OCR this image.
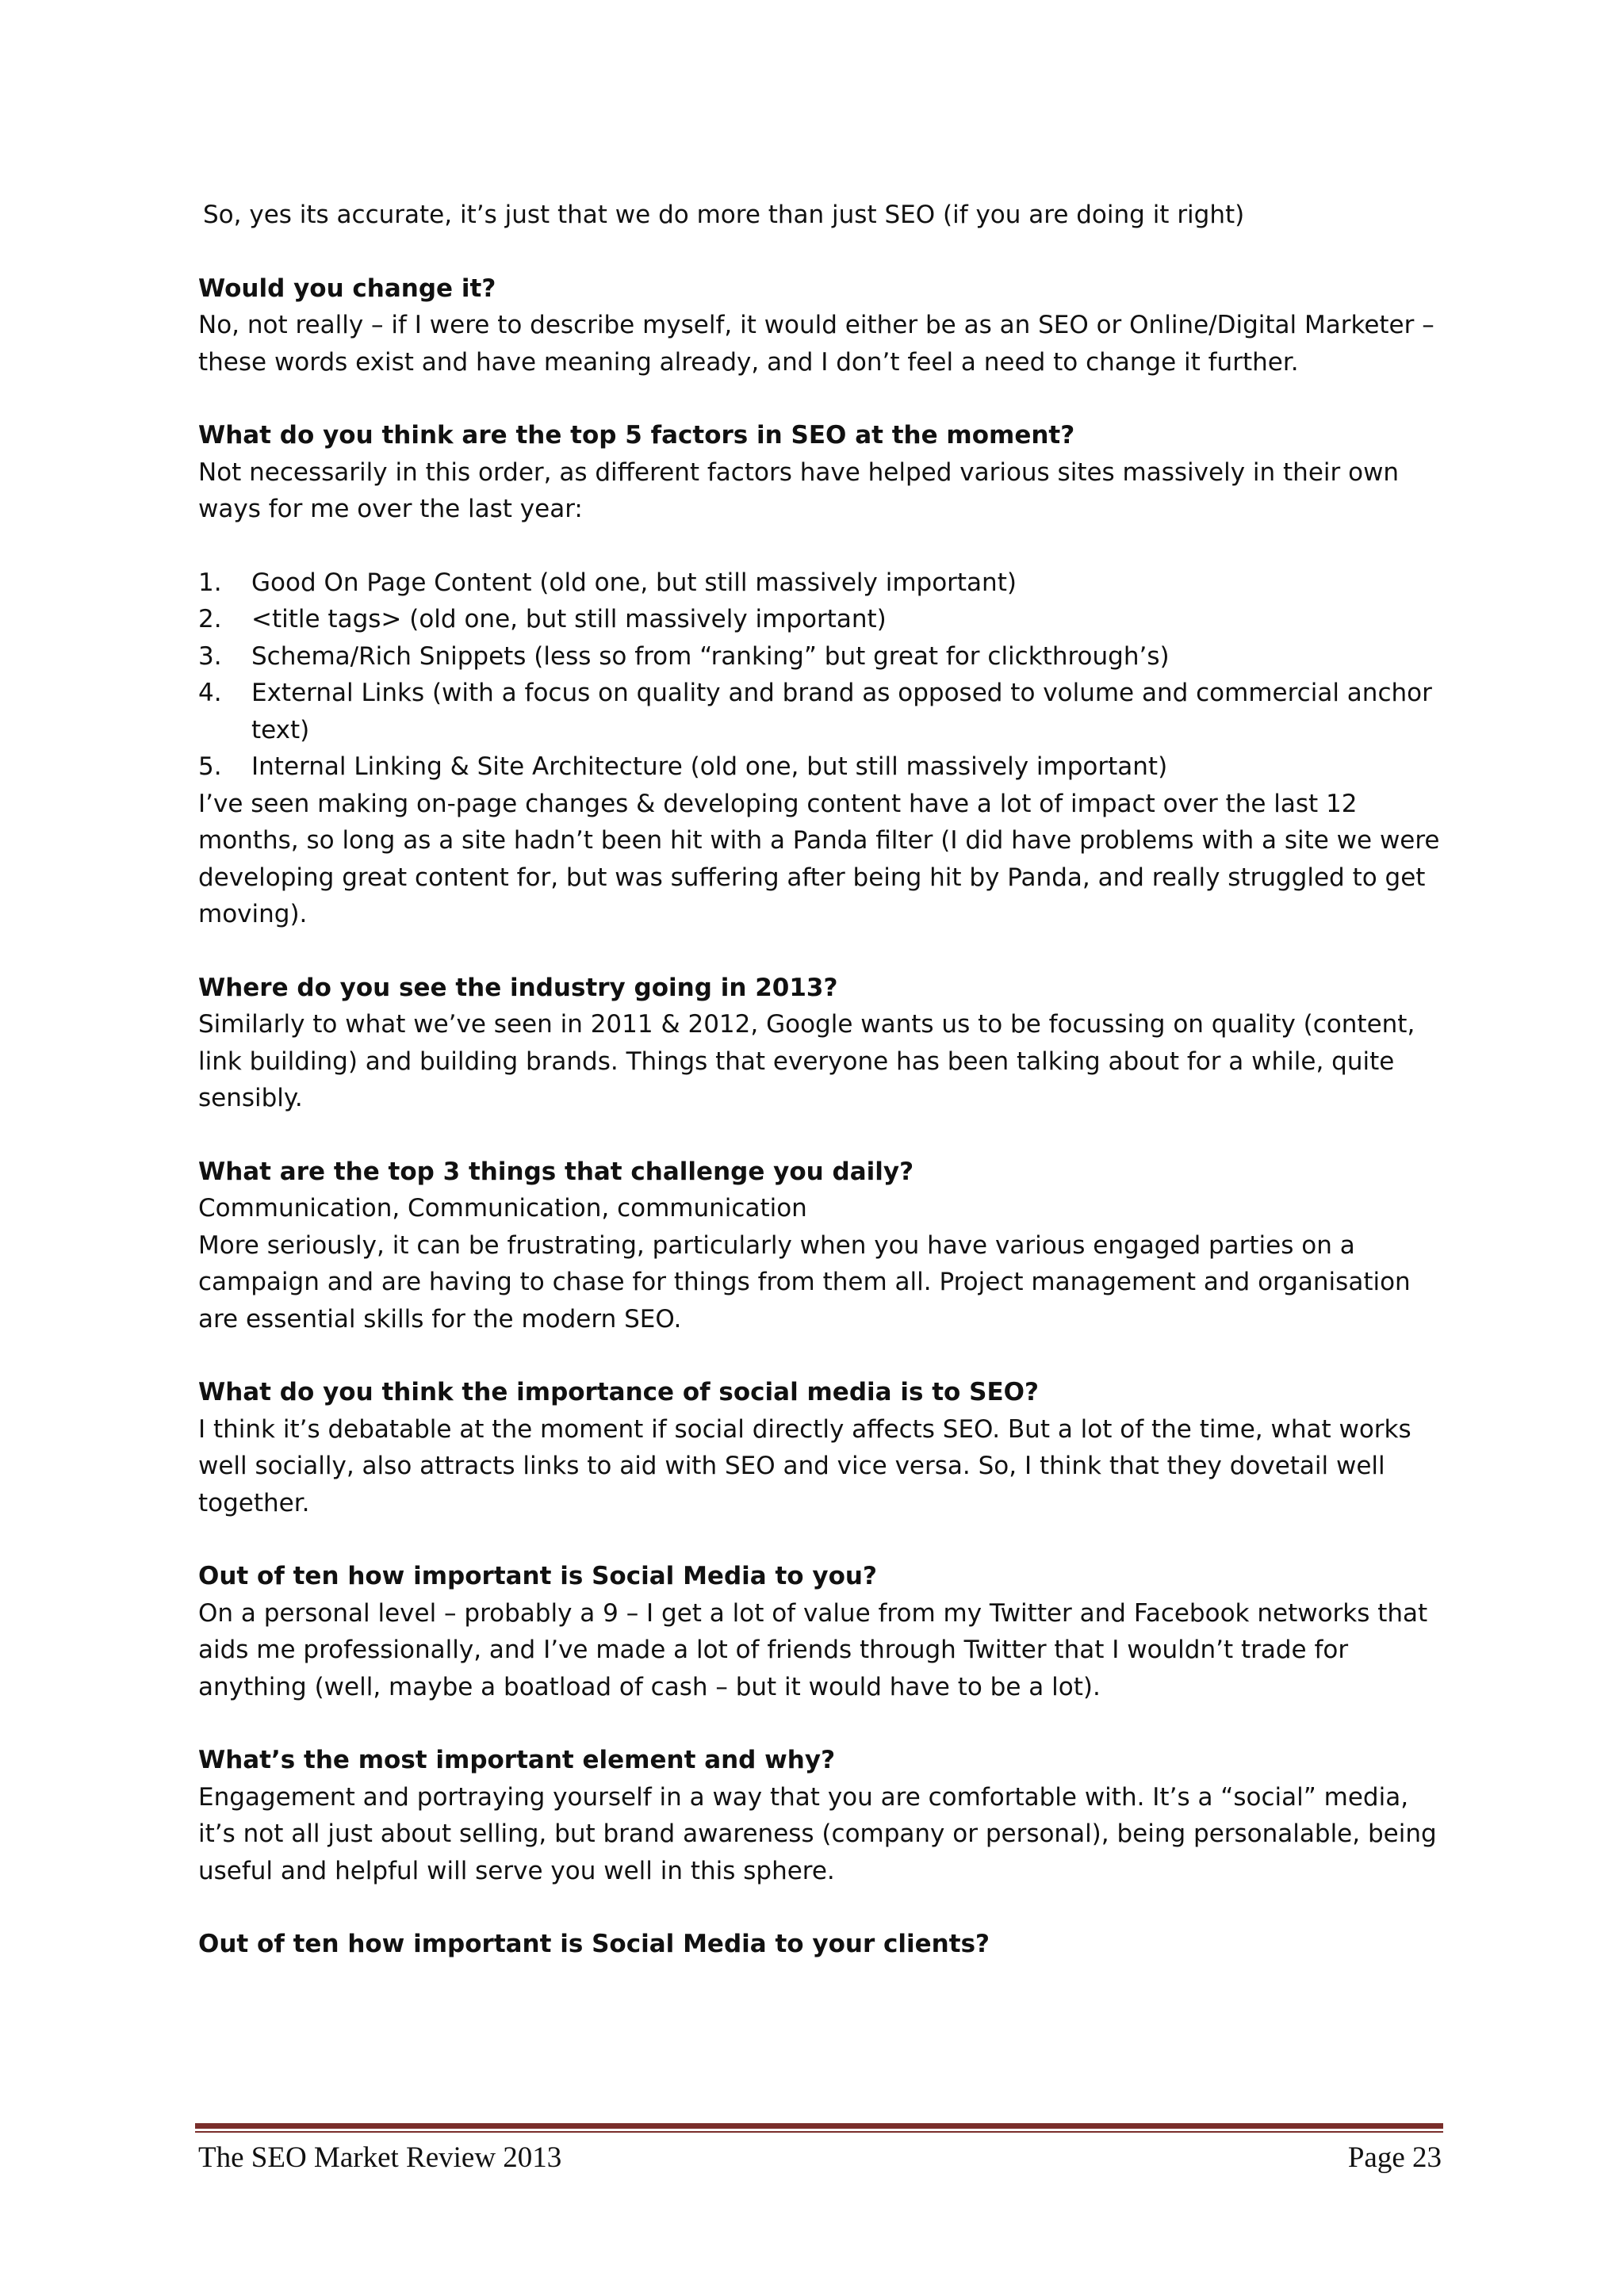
So, yes its accurate, it’s just that we do more than just SEO (if you are doing it right)

Would you change it?

No, not really – if I were to describe myself, it would either be as an SEO or Online/Digital Marketer – these words exist and have meaning already, and I don’t feel a need to change it further.

What do you think are the top 5 factors in SEO at the moment?

Not necessarily in this order, as different factors have helped various sites massively in their own ways for me over the last year:

1.	Good On Page Content (old one, but still massively important)
2.	<title tags> (old one, but still massively important)
3.	Schema/Rich Snippets (less so from “ranking” but great for clickthrough’s)
4.	External Links (with a focus on quality and brand as opposed to volume and commercial anchor text)
5.	Internal Linking & Site Architecture (old one, but still massively important)

I’ve seen making on-page changes & developing content have a lot of impact over the last 12 months, so long as a site hadn’t been hit with a Panda filter (I did have problems with a site we were developing great content for, but was suffering after being hit by Panda, and really struggled to get moving).

Where do you see the industry going in 2013?

Similarly to what we’ve seen in 2011 & 2012, Google wants us to be focussing on quality (content, link building) and building brands. Things that everyone has been talking about for a while, quite sensibly.

What are the top 3 things that challenge you daily?

Communication, Communication, communication

More seriously, it can be frustrating, particularly when you have various engaged parties on a campaign and are having to chase for things from them all. Project management and organisation are essential skills for the modern SEO.

What do you think the importance of social media is to SEO?

I think it’s debatable at the moment if social directly affects SEO. But a lot of the time, what works well socially, also attracts links to aid with SEO and vice versa. So, I think that they dovetail well together.

Out of ten how important is Social Media to you?

On a personal level – probably a 9 – I get a lot of value from my Twitter and Facebook networks that aids me professionally, and I’ve made a lot of friends through Twitter that I wouldn’t trade for anything (well, maybe a boatload of cash – but it would have to be a lot).

What’s the most important element and why?

Engagement and portraying yourself in a way that you are comfortable with. It’s a “social” media, it’s not all just about selling, but brand awareness (company or personal), being personalable, being useful and helpful will serve you well in this sphere.

Out of ten how important is Social Media to your clients?

The SEO Market Review 2013	Page 23
